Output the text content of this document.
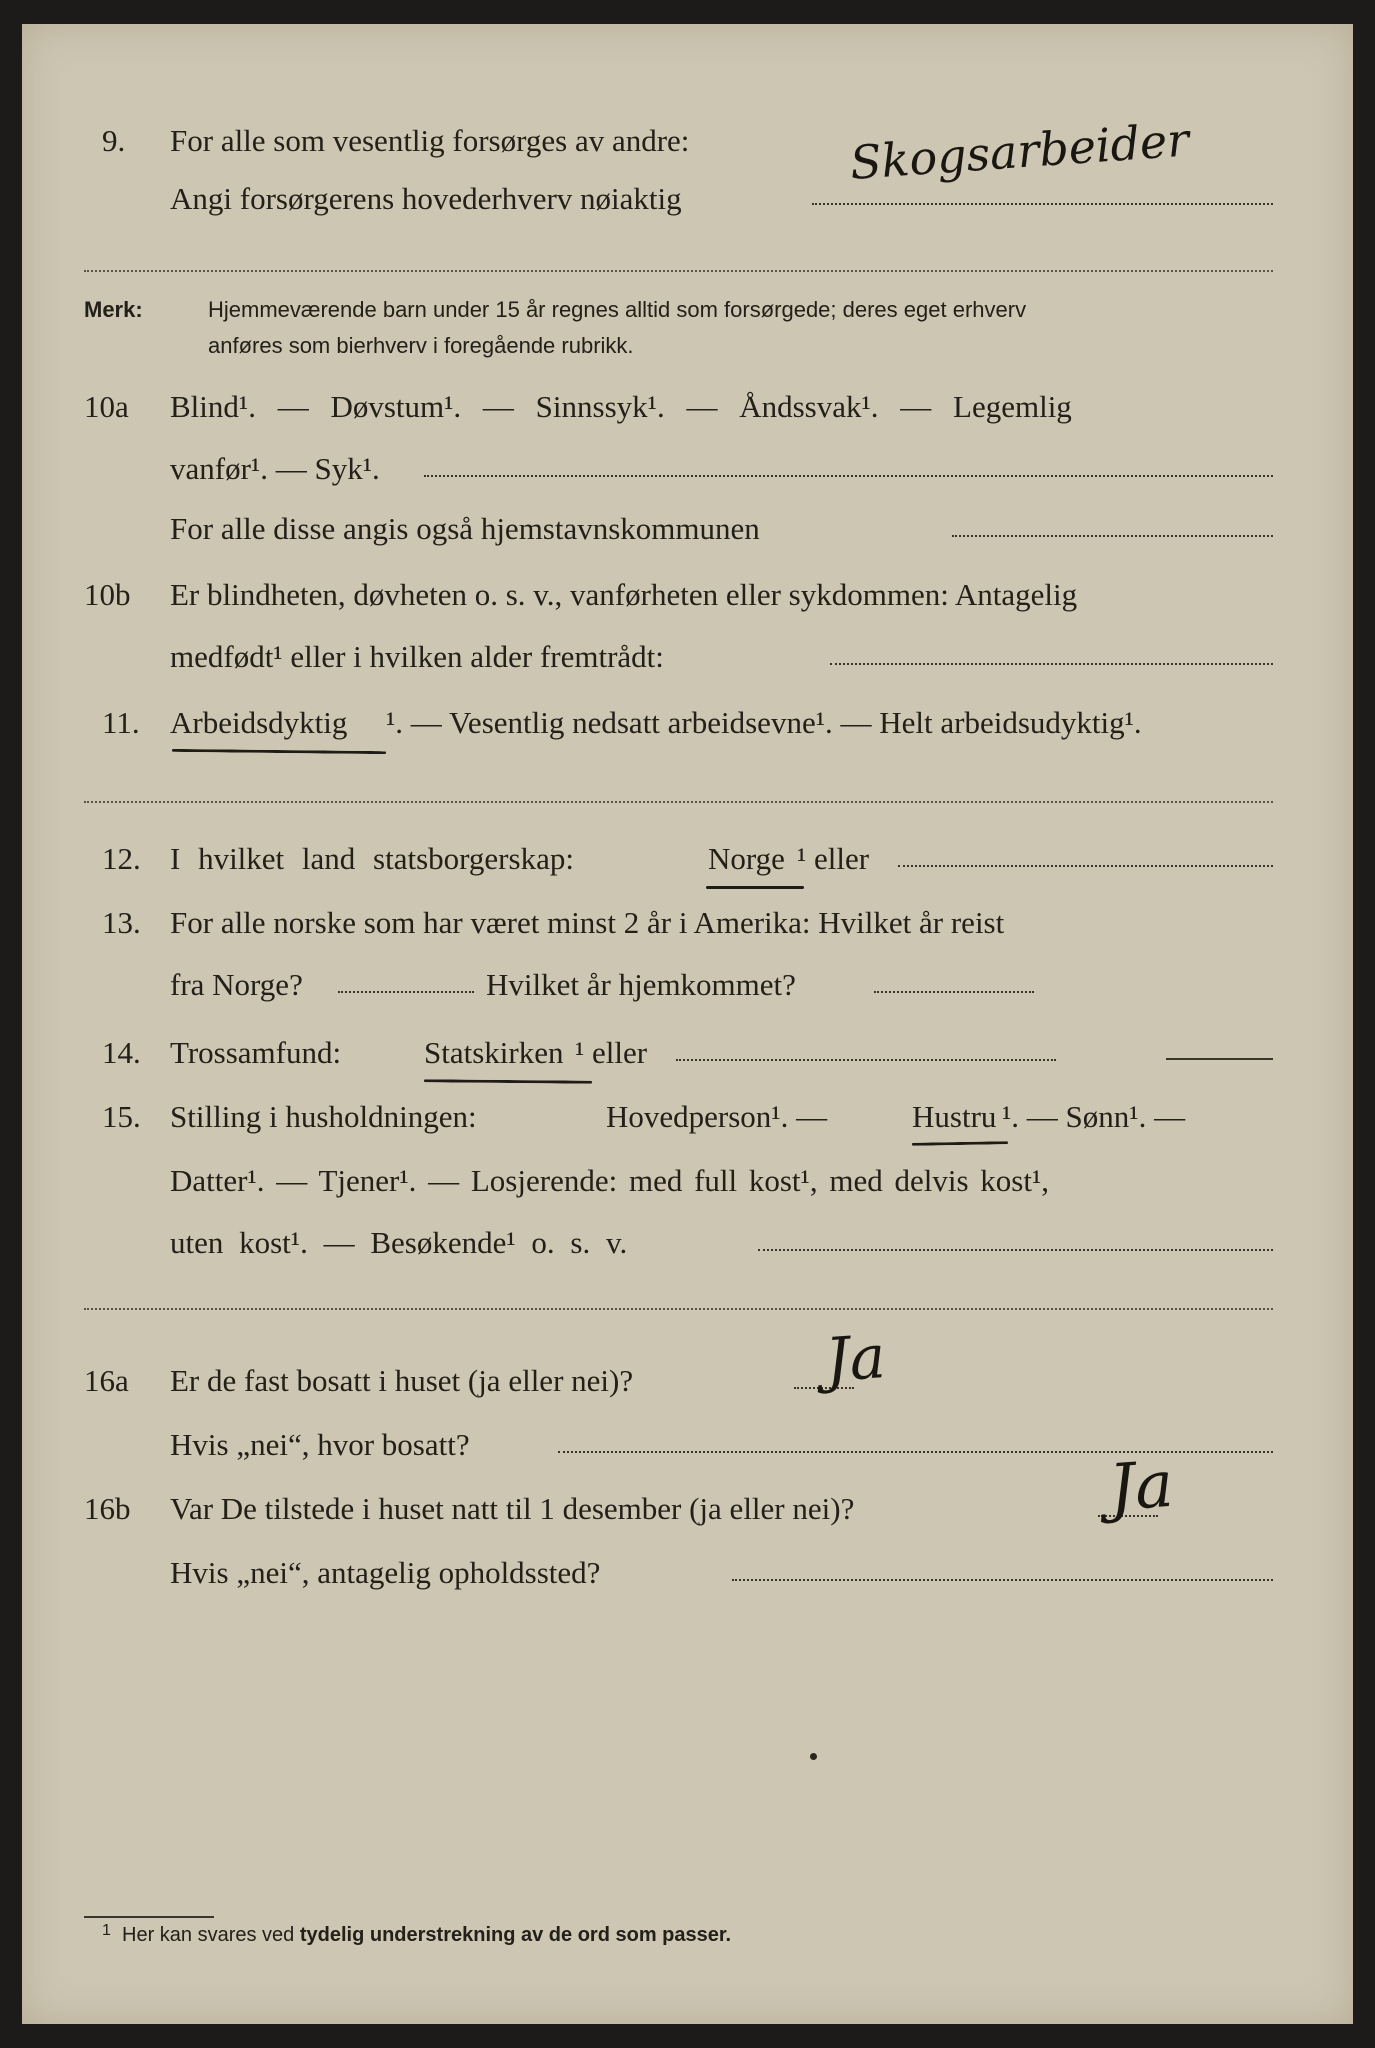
9. For alle som vesentlig forsørges av andre:
Angi forsørgerens hovederhverv nøiaktig
Skogsarbeider
Merk:	Hjemmeværende barn under 15 år regnes alltid som forsørgede; deres eget erhverv
anføres som bierhverv i foregående rubrikk.
10a Blind¹. — Døvstum¹. — Sinnssyk¹. — Åndssvak¹. — Legemlig
vanfør¹. — Syk¹.
For alle disse angis også hjemstavnskommunen
10b Er blindheten, døvheten o. s. v., vanførheten eller sykdommen: Antagelig
medfødt¹ eller i hvilken alder fremtrådt:
11. Arbeidsdyktig ¹. — Vesentlig nedsatt arbeidsevne¹. — Helt arbeidsudyktig¹.
12. I hvilket land statsborgerskap:	Norge ¹ eller
13. For alle norske som har været minst 2 år i Amerika: Hvilket år reist
fra Norge?	Hvilket år hjemkommet?
14. Trossamfund:	Statskirken ¹ eller
15. Stilling i husholdningen:	Hovedperson¹. —	Hustru ¹. — Sønn¹. —
Datter¹. — Tjener¹. — Losjerende: med full kost¹, med delvis kost¹,
uten kost¹. — Besøkende¹ o. s. v.
16a Er de fast bosatt i huset (ja eller nei)?	Ja
Hvis „nei“, hvor bosatt?
16b Var De tilstede i huset natt til 1 desember (ja eller nei)?	Ja
Hvis „nei“, antagelig opholdssted?
1 Her kan svares ved tydelig understrekning av de ord som passer.
